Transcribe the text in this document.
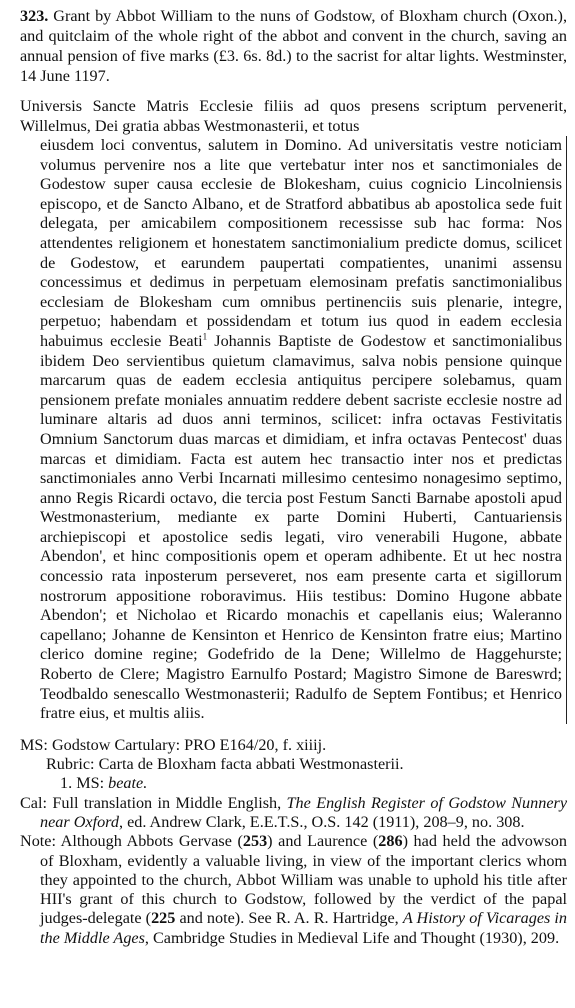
323. Grant by Abbot William to the nuns of Godstow, of Bloxham church (Oxon.), and quitclaim of the whole right of the abbot and convent in the church, saving an annual pension of five marks (£3. 6s. 8d.) to the sacrist for altar lights. Westminster, 14 June 1197.

Universis Sancte Matris Ecclesie filiis ad quos presens scriptum pervenerit, Willelmus, Dei gratia abbas Westmonasterii, et totus

eiusdem loci conventus, salutem in Domino. Ad universitatis vestre noticiam volumus pervenire nos a lite que vertebatur inter nos et sanctimoniales de Godestow super causa ecclesie de Blokesham, cuius cognicio Lincolniensis episcopo, et de Sancto Albano, et de Stratford abbatibus ab apostolica sede fuit delegata, per amicabilem compositionem recessisse sub hac forma: Nos attendentes religionem et honestatem sanctimonialium predicte domus, scilicet de Godestow, et earundem paupertati compatientes, unanimi assensu concessimus et dedimus in perpetuam elemosinam prefatis sanctimonialibus ecclesiam de Blokesham cum omnibus pertinenciis suis plenarie, integre, perpetuo; habendam et possidendam et totum ius quod in eadem ecclesia habuimus ecclesie Beati$^1$ Johannis Baptiste de Godestow et sanctimonialibus ibidem Deo servientibus quietum clamavimus, salva nobis pensione quinque marcarum quas de eadem ecclesia antiquitus percipere solebamus, quam pensionem prefate moniales annuatim reddere debent sacriste ecclesie nostre ad luminare altaris ad duos anni terminos, scilicet: infra octavas Festivitatis Omnium Sanctorum duas marcas et dimidiam, et infra octavas Pentecost' duas marcas et dimidiam. Facta est autem hec transactio inter nos et predictas sanctimoniales anno Verbi Incarnati millesimo centesimo nonagesimo septimo, anno Regis Ricardi octavo, die tercia post Festum Sancti Barnabe apostoli apud Westmonasterium, mediante ex parte Domini Huberti, Cantuariensis archiepiscopi et apostolice sedis legati, viro venerabili Hugone, abbate Abendon', et hinc compositionis opem et operam adhibente. Et ut hec nostra concessio rata inposterum perseveret, nos eam presente carta et sigillorum nostrorum appositione roboravimus. Hiis testibus: Domino Hugone abbate Abendon'; et Nicholao et Ricardo monachis et capellanis eius; Waleranno capellano; Johanne de Kensinton et Henrico de Kensinton fratre eius; Martino clerico domine regine; Godefrido de la Dene; Willelmo de Haggehurste; Roberto de Clere; Magistro Earnulfo Postard; Magistro Simone de Bareswrd; Teodbaldo senescallo Westmonasterii; Radulfo de Septem Fontibus; et Henrico fratre eius, et multis aliis.

MS: Godstow Cartulary: PRO E164/20, f. xiiij.

Rubric: Carta de Bloxham facta abbati Westmonasterii.

1. MS: beate.

Cal: Full translation in Middle English, The English Register of Godstow Nunnery near Oxford, ed. Andrew Clark, E.E.T.S., O.S. 142 (1911), 208–9, no. 308.

Note: Although Abbots Gervase (253) and Laurence (286) had held the advowson of Bloxham, evidently a valuable living, in view of the important clerics whom they appointed to the church, Abbot William was unable to uphold his title after HII's grant of this church to Godstow, followed by the verdict of the papal judges-delegate (225 and note). See R. A. R. Hartridge, A History of Vicarages in the Middle Ages, Cambridge Studies in Medieval Life and Thought (1930), 209.
